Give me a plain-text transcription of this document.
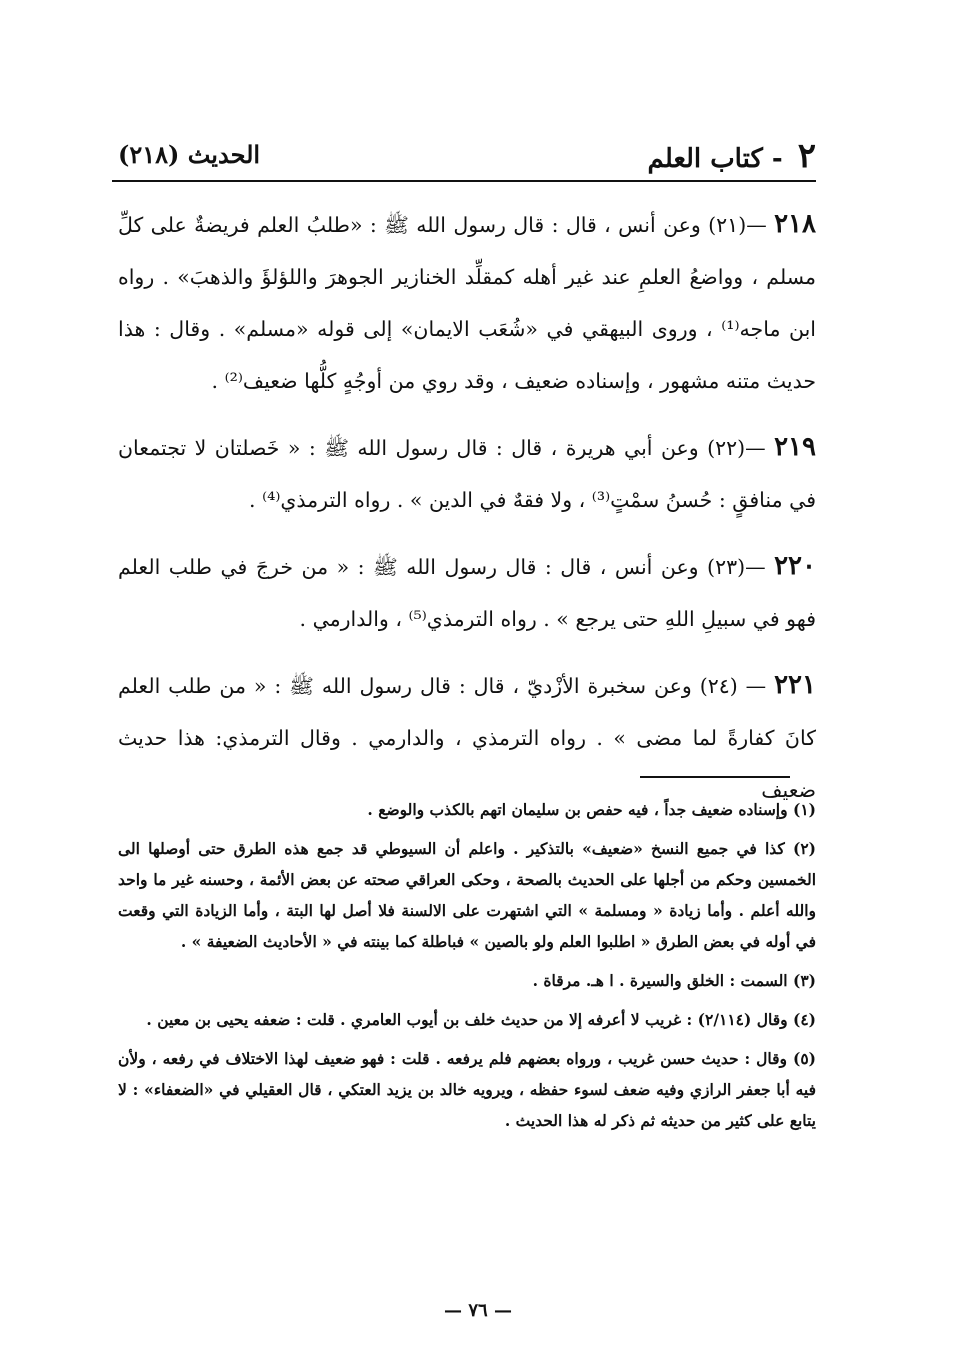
٢ - كتاب العلم
الحديث (٢١٨)

٢١٨ —(٢١) وعن أنس ، قال : قال رسول الله ﷺ : «طلبُ العلم فريضةٌ على كلِّ مسلم ، وواضعُ العلمِ عند غير أهله كمقلِّد الخنازير الجوهرَ واللؤلؤَ والذهبَ» . رواه ابن ماجه⁽¹⁾ ، وروى البيهقي في «شُعَب الايمان» إلى قوله «مسلم» . وقال : هذا حديث متنه مشهور ، وإسناده ضعيف ، وقد روي من أوجُهٍ كلُّها ضعيف⁽²⁾ .

٢١٩ —(٢٢) وعن أبي هريرة ، قال : قال رسول الله ﷺ : « خَصلتان لا تجتمعان في منافقٍ : حُسنُ سمْتٍ⁽³⁾ ، ولا فقهٌ في الدين » . رواه الترمذي⁽⁴⁾ .

٢٢٠ —(٢٣) وعن أنس ، قال : قال رسول الله ﷺ : « من خرجَ في طلب العلم فهو في سبيلِ اللهِ حتى يرجع » . رواه الترمذي⁽⁵⁾ ، والدارمي .

٢٢١ — (٢٤) وعن سخبرة الأزْديّ ، قال : قال رسول الله ﷺ : « من طلب العلم كانَ كفارةً لما مضى » . رواه الترمذي ، والدارمي . وقال الترمذي: هذا حديث ضعيف

(١) وإسناده ضعيف جداً ، فيه حفص بن سليمان اتهم بالكذب والوضع .

(٢) كذا في جميع النسخ «ضعيف» بالتذكير . واعلم أن السيوطي قد جمع هذه الطرق حتى أوصلها الى الخمسين وحكم من أجلها على الحديث بالصحة ، وحكى العراقي صحته عن بعض الأئمة ، وحسنه غير ما واحد والله أعلم . وأما زيادة « ومسلمة » التي اشتهرت على الالسنة فلا أصل لها البتة ، وأما الزيادة التي وقعت في أوله في بعض الطرق « اطلبوا العلم ولو بالصين » فباطلة كما بينته في « الأحاديث الضعيفة » .

(٣) السمت : الخلق والسيرة . ا هـ. مرقاة .

(٤) وقال (٢/١١٤) : غريب لا أعرفه إلا من حديث خلف بن أيوب العامري . قلت : ضعفه يحيى بن معين .

(٥) وقال : حديث حسن غريب ، ورواه بعضهم فلم يرفعه . قلت : فهو ضعيف لهذا الاختلاف في رفعه ، ولأن فيه أبا جعفر الرازي وفيه ضعف لسوء حفظه ، ويرويه خالد بن يزيد العتكي ، قال العقيلي في «الضعفاء» : لا يتابع على كثير من حديثه ثم ذكر له هذا الحديث .

— ٧٦ —
